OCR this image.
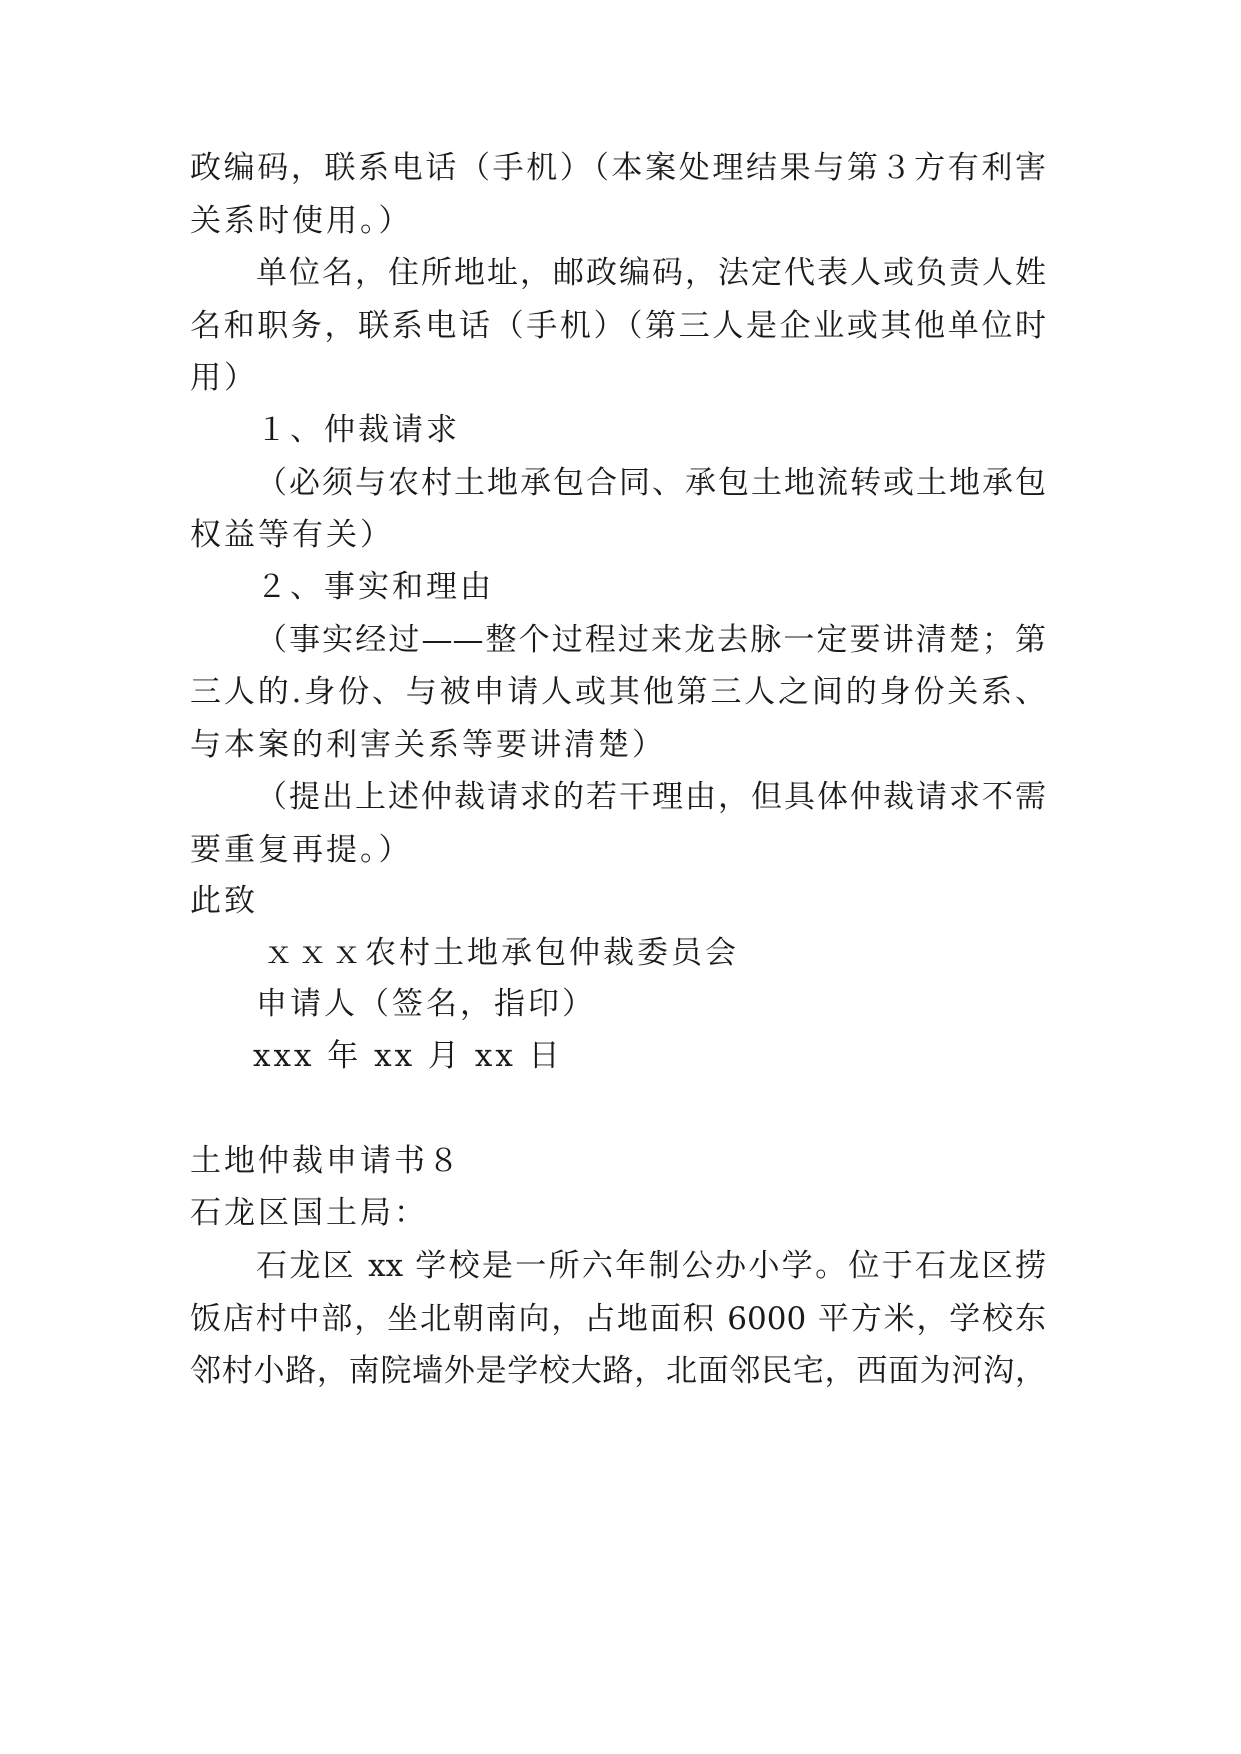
政编码，联系电话（手机）（本案处理结果与第３方有利害
关系时使用。）
单位名，住所地址，邮政编码，法定代表人或负责人姓
名和职务，联系电话（手机）（第三人是企业或其他单位时
用）
１、仲裁请求
（必须与农村土地承包合同、承包土地流转或土地承包
权益等有关）
２、事实和理由
（事实经过——整个过程过来龙去脉一定要讲清楚；第
三人的.身份、与被申请人或其他第三人之间的身份关系、
与本案的利害关系等要讲清楚）
（提出上述仲裁请求的若干理由，但具体仲裁请求不需
要重复再提。）
此致
ｘｘｘ农村土地承包仲裁委员会
申请人（签名，指印）
xxx 年 xx 月 xx 日
土地仲裁申请书８
石龙区国土局：
石龙区 xx 学校是一所六年制公办小学。位于石龙区捞
饭店村中部，坐北朝南向，占地面积 6000 平方米，学校东
邻村小路，南院墙外是学校大路，北面邻民宅，西面为河沟，
